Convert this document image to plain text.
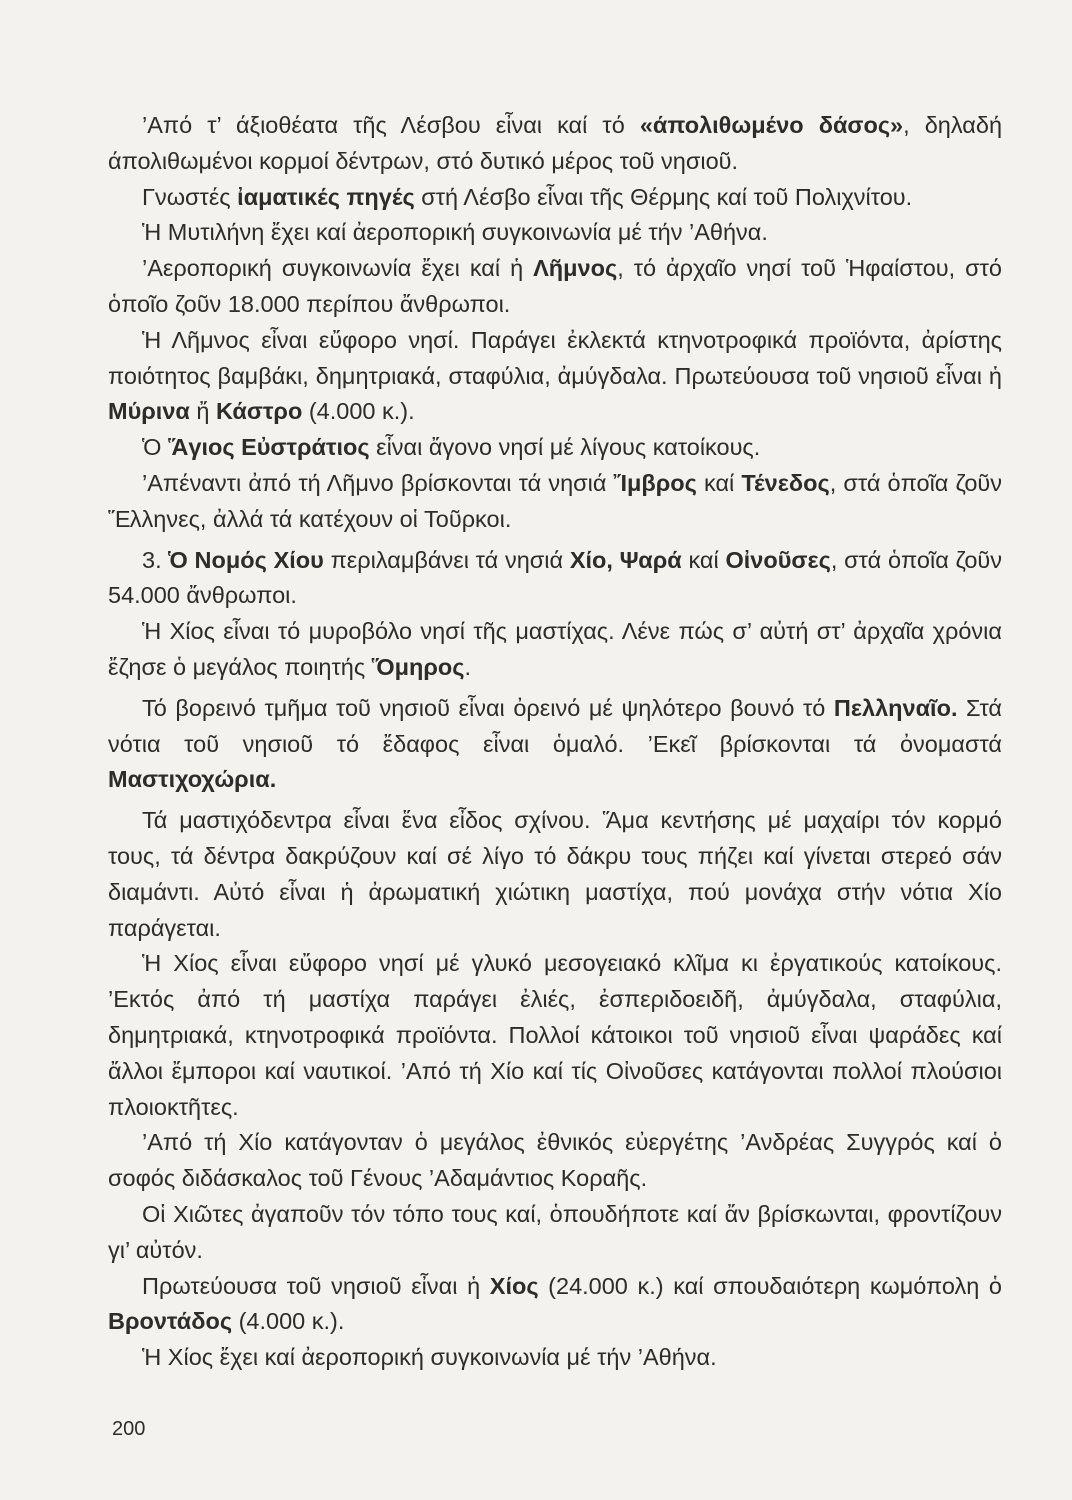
’Από τ’ άξιοθέατα τῆς Λέσβου εἶναι καί τό «άπολιθωμένο δάσος», δηλαδή άπολιθωμένοι κορμοί δέντρων, στό δυτικό μέρος τοῦ νησιοῦ.

Γνωστές ἰαματικές πηγές στή Λέσβο εἶναι τῆς Θέρμης καί τοῦ Πολιχνίτου.

Ἡ Μυτιλήνη ἔχει καί ἀεροπορική συγκοινωνία μέ τήν ’Αθήνα.

’Αεροπορική συγκοινωνία ἔχει καί ἡ Λῆμνος, τό ἀρχαῖο νησί τοῦ Ἡφαίστου, στό ὁποῖο ζοῦν 18.000 περίπου ἄνθρωποι.

Ἡ Λῆμνος εἶναι εὔφορο νησί. Παράγει ἐκλεκτά κτηνοτροφικά προϊόντα, ἀρίστης ποιότητος βαμβάκι, δημητριακά, σταφύλια, ἀμύγδαλα. Πρωτεύουσα τοῦ νησιοῦ εἶναι ἡ Μύρινα ἤ Κάστρο (4.000 κ.).

Ὁ Ἅγιος Εὐστράτιος εἶναι ἄγονο νησί μέ λίγους κατοίκους.

’Απέναντι ἀπό τή Λῆμνο βρίσκονται τά νησιά Ἴμβρος καί Τένεδος, στά ὁποῖα ζοῦν Ἕλληνες, ἀλλά τά κατέχουν οἱ Τοῦρκοι.

3. Ὁ Νομός Χίου περιλαμβάνει τά νησιά Χίο, Ψαρά καί Οἰνοῦσες, στά ὁποῖα ζοῦν 54.000 ἄνθρωποι.

Ἡ Χίος εἶναι τό μυροβόλο νησί τῆς μαστίχας. Λένε πώς σ’ αὐτή στ’ ἀρχαῖα χρόνια ἔζησε ὁ μεγάλος ποιητής Ὅμηρος.

Τό βορεινό τμῆμα τοῦ νησιοῦ εἶναι ὀρεινό μέ ψηλότερο βουνό τό Πελληναῖο. Στά νότια τοῦ νησιοῦ τό ἔδαφος εἶναι ὁμαλό. ’Εκεῖ βρίσκονται τά ὀνομαστά Μαστιχοχώρια.

Τά μαστιχόδεντρα εἶναι ἕνα εἶδος σχίνου. Ἅμα κεντήσης μέ μαχαίρι τόν κορμό τους, τά δέντρα δακρύζουν καί σέ λίγο τό δάκρυ τους πήζει καί γίνεται στερεό σάν διαμάντι. Αὐτό εἶναι ἡ ἀρωματική χιώτικη μαστίχα, πού μονάχα στήν νότια Χίο παράγεται.

Ἡ Χίος εἶναι εὔφορο νησί μέ γλυκό μεσογειακό κλῖμα κι ἐργατικούς κατοίκους. ’Εκτός ἀπό τή μαστίχα παράγει ἐλιές, ἐσπεριδοειδῆ, ἀμύγδαλα, σταφύλια, δημητριακά, κτηνοτροφικά προϊόντα. Πολλοί κάτοικοι τοῦ νησιοῦ εἶναι ψαράδες καί ἄλλοι ἔμποροι καί ναυτικοί. ’Από τή Χίο καί τίς Οἰνοῦσες κατάγονται πολλοί πλούσιοι πλοιοκτῆτες.

’Από τή Χίο κατάγονταν ὁ μεγάλος ἐθνικός εὐεργέτης ’Ανδρέας Συγγρός καί ὁ σοφός διδάσκαλος τοῦ Γένους ’Αδαμάντιος Κοραῆς.

Οἱ Χιῶτες ἀγαποῦν τόν τόπο τους καί, ὁπουδήποτε καί ἄν βρίσκωνται, φροντίζουν γι’ αὐτόν.

Πρωτεύουσα τοῦ νησιοῦ εἶναι ἡ Χίος (24.000 κ.) καί σπουδαιότερη κωμόπολη ὁ Βροντάδος (4.000 κ.).

Ἡ Χίος ἔχει καί ἀεροπορική συγκοινωνία μέ τήν ’Αθήνα.

200
